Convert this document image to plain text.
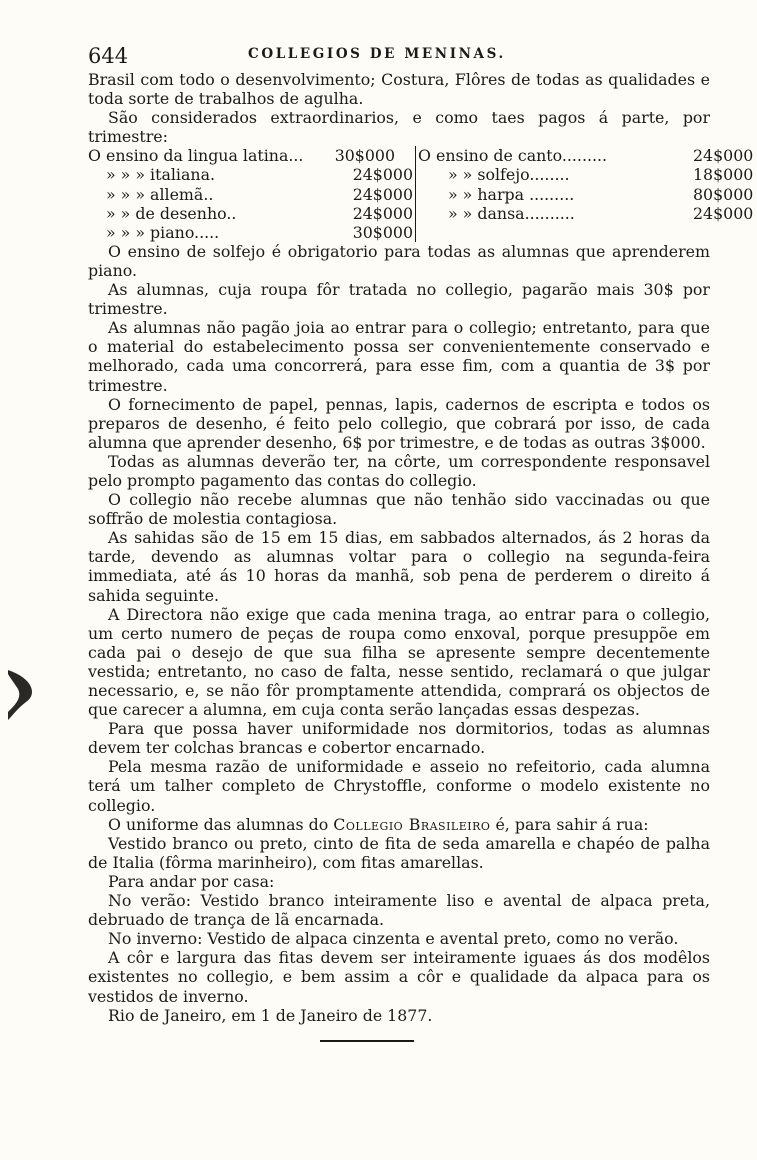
644	COLLEGIOS DE MENINAS.

Brasil com todo o desenvolvimento; Costura, Flôres de todas as qualidades e toda sorte de trabalhos de agulha.

São considerados extraordinarios, e como taes pagos á parte, por trimestre:

O ensino da lingua latina...	30$000
» » » italiana.	24$000
» » » allemã..	24$000
» » de desenho..	24$000
» » » piano.....	30$000
O ensino de canto.........	24$000
» » solfejo........	18$000
» » harpa .........	80$000
» » dansa..........	24$000

O ensino de solfejo é obrigatorio para todas as alumnas que aprenderem piano.

As alumnas, cuja roupa fôr tratada no collegio, pagarão mais 30$ por trimestre.

As alumnas não pagão joia ao entrar para o collegio; entretanto, para que o material do estabelecimento possa ser convenientemente conservado e melhorado, cada uma concorrerá, para esse fim, com a quantia de 3$ por trimestre.

O fornecimento de papel, pennas, lapis, cadernos de escripta e todos os preparos de desenho, é feito pelo collegio, que cobrará por isso, de cada alumna que aprender desenho, 6$ por trimestre, e de todas as outras 3$000.

Todas as alumnas deverão ter, na côrte, um correspondente responsavel pelo prompto pagamento das contas do collegio.

O collegio não recebe alumnas que não tenhão sido vaccinadas ou que soffrão de molestia contagiosa.

As sahidas são de 15 em 15 dias, em sabbados alternados, ás 2 horas da tarde, devendo as alumnas voltar para o collegio na segunda-feira immediata, até ás 10 horas da manhã, sob pena de perderem o direito á sahida seguinte.

A Directora não exige que cada menina traga, ao entrar para o collegio, um certo numero de peças de roupa como enxoval, porque presuppõe em cada pai o desejo de que sua filha se apresente sempre decentemente vestida; entretanto, no caso de falta, nesse sentido, reclamará o que julgar necessario, e, se não fôr promptamente attendida, comprará os objectos de que carecer a alumna, em cuja conta serão lançadas essas despezas.

Para que possa haver uniformidade nos dormitorios, todas as alumnas devem ter colchas brancas e cobertor encarnado.

Pela mesma razão de uniformidade e asseio no refeitorio, cada alumna terá um talher completo de Chrystoffle, conforme o modelo existente no collegio.

O uniforme das alumnas do Collegio Brasileiro é, para sahir á rua:

Vestido branco ou preto, cinto de fita de seda amarella e chapéo de palha de Italia (fôrma marinheiro), com fitas amarellas.

Para andar por casa:

No verão: Vestido branco inteiramente liso e avental de alpaca preta, debruado de trança de lã encarnada.

No inverno: Vestido de alpaca cinzenta e avental preto, como no verão.

A côr e largura das fitas devem ser inteiramente iguaes ás dos modêlos existentes no collegio, e bem assim a côr e qualidade da alpaca para os vestidos de inverno.

Rio de Janeiro, em 1 de Janeiro de 1877.
